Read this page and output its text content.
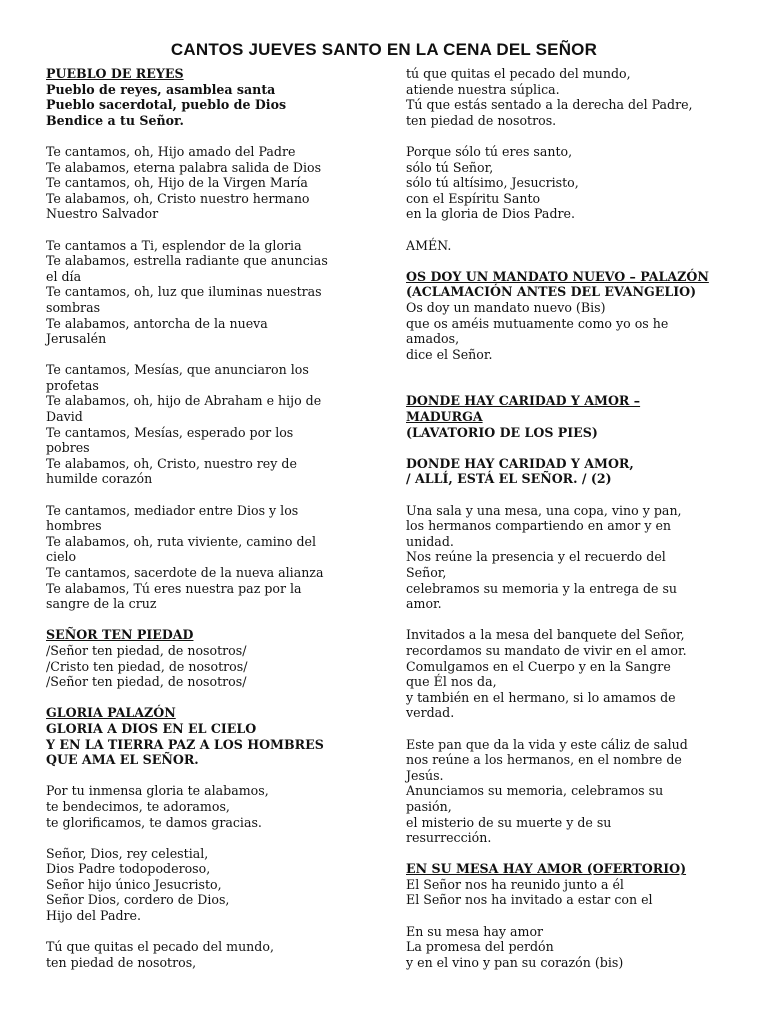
CANTOS JUEVES SANTO EN LA CENA DEL SEÑOR
PUEBLO DE REYES
Pueblo de reyes, asamblea santa
Pueblo sacerdotal, pueblo de Dios
Bendice a tu Señor.
Te cantamos, oh, Hijo amado del Padre
Te alabamos, eterna palabra salida de Dios
Te cantamos, oh, Hijo de la Virgen María
Te alabamos, oh, Cristo nuestro hermano
Nuestro Salvador
Te cantamos a Ti, esplendor de la gloria
Te alabamos, estrella radiante que anuncias
el día
Te cantamos, oh, luz que iluminas nuestras
sombras
Te alabamos, antorcha de la nueva
Jerusalén
Te cantamos, Mesías, que anunciaron los
profetas
Te alabamos, oh, hijo de Abraham e hijo de
David
Te cantamos, Mesías, esperado por los
pobres
Te alabamos, oh, Cristo, nuestro rey de
humilde corazón
Te cantamos, mediador entre Dios y los
hombres
Te alabamos, oh, ruta viviente, camino del
cielo
Te cantamos, sacerdote de la nueva alianza
Te alabamos, Tú eres nuestra paz por la
sangre de la cruz
SEÑOR TEN PIEDAD
/Señor ten piedad, de nosotros/
/Cristo ten piedad, de nosotros/
/Señor ten piedad, de nosotros/
GLORIA PALAZÓN
GLORIA A DIOS EN EL CIELO
Y EN LA TIERRA PAZ A LOS HOMBRES
QUE AMA EL SEÑOR.
Por tu inmensa gloria te alabamos,
te bendecimos, te adoramos,
te glorificamos, te damos gracias.
Señor, Dios, rey celestial,
Dios Padre todopoderoso,
Señor hijo único Jesucristo,
Señor Dios, cordero de Dios,
Hijo del Padre.
Tú que quitas el pecado del mundo,
ten piedad de nosotros,
tú que quitas el pecado del mundo,
atiende nuestra súplica.
Tú que estás sentado a la derecha del Padre,
ten piedad de nosotros.
Porque sólo tú eres santo,
sólo tú Señor,
sólo tú altísimo, Jesucristo,
con el Espíritu Santo
en la gloria de Dios Padre.
AMÉN.
OS DOY UN MANDATO NUEVO – PALAZÓN
(ACLAMACIÓN ANTES DEL EVANGELIO)
Os doy un mandato nuevo (Bis)
que os améis mutuamente como yo os he
amados,
dice el Señor.
DONDE HAY CARIDAD Y AMOR –
MADURGA
(LAVATORIO DE LOS PIES)
DONDE HAY CARIDAD Y AMOR,
/ ALLÍ, ESTÁ EL SEÑOR. / (2)
Una sala y una mesa, una copa, vino y pan,
los hermanos compartiendo en amor y en
unidad.
Nos reúne la presencia y el recuerdo del
Señor,
celebramos su memoria y la entrega de su
amor.
Invitados a la mesa del banquete del Señor,
recordamos su mandato de vivir en el amor.
Comulgamos en el Cuerpo y en la Sangre
que Él nos da,
y también en el hermano, si lo amamos de
verdad.
Este pan que da la vida y este cáliz de salud
nos reúne a los hermanos, en el nombre de
Jesús.
Anunciamos su memoria, celebramos su
pasión,
el misterio de su muerte y de su
resurrección.
EN SU MESA HAY AMOR (OFERTORIO)
El Señor nos ha reunido junto a él
El Señor nos ha invitado a estar con el
En su mesa hay amor
La promesa del perdón
y en el vino y pan su corazón (bis)
